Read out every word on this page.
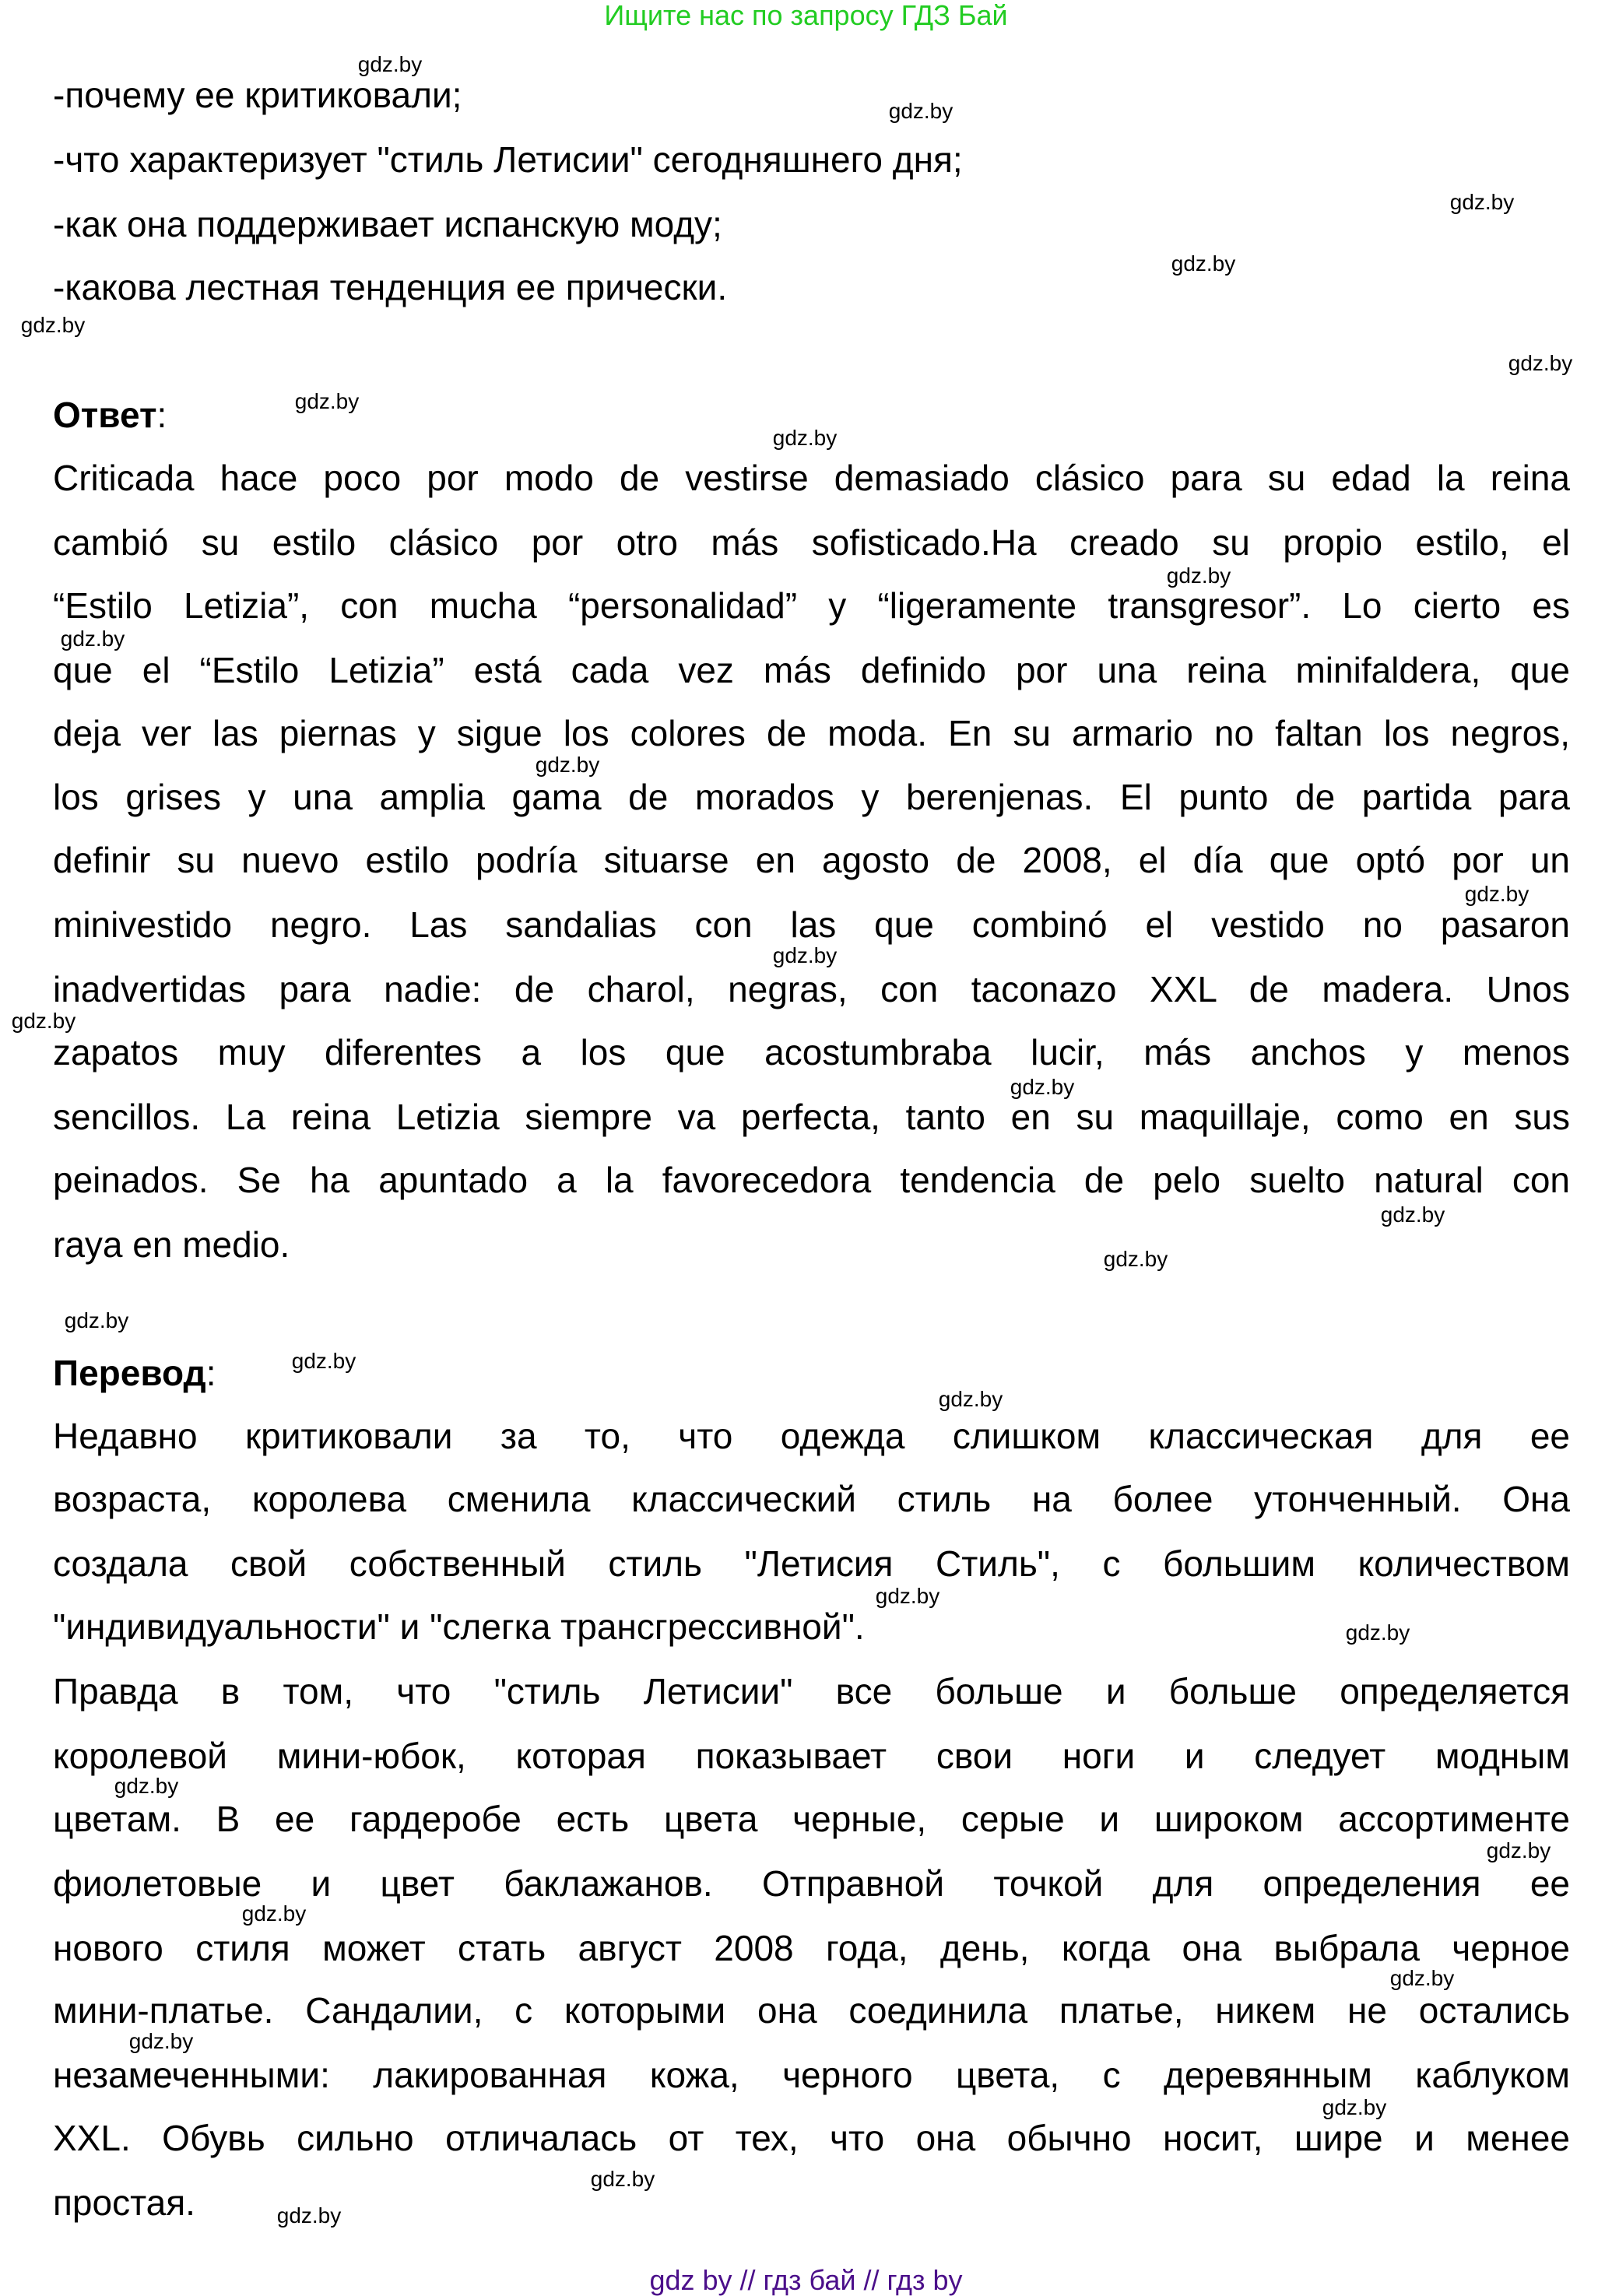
Ищите нас по запросу ГДЗ Бай
-почему ее критиковали;
-что характеризует "стиль Летисии" сегодняшнего дня;
-как она поддерживает испанскую моду;
-какова лестная тенденция ее прически.
Ответ:
Criticada hace poco por modo de vestirse demasiado clásico para su edad la reina
cambió su estilo clásico por otro más sofisticado.Ha creado su propio estilo, el
“Estilo Letizia”, con mucha “personalidad” y “ligeramente transgresor”. Lo cierto es
que el “Estilo Letizia” está cada vez más definido por una reina minifaldera, que
deja ver las piernas y sigue los colores de moda. En su armario no faltan los negros,
los grises y una amplia gama de morados y berenjenas. El punto de partida para
definir su nuevo estilo podría situarse en agosto de 2008, el día que optó por un
minivestido negro. Las sandalias con las que combinó el vestido no pasaron
inadvertidas para nadie: de charol, negras, con taconazo XXL de madera. Unos
zapatos muy diferentes a los que acostumbraba lucir, más anchos y menos
sencillos. La reina Letizia siempre va perfecta, tanto en su maquillaje, como en sus
peinados. Se ha apuntado a la favorecedora tendencia de pelo suelto natural con
raya en medio.
Перевод:
Недавно критиковали за то, что одежда слишком классическая для ее
возраста, королева сменила классический стиль на более утонченный. Она
создала свой собственный стиль "Летисия Стиль", с большим количеством
"индивидуальности" и "слегка трансгрессивной".
Правда в том, что "стиль Летисии" все больше и больше определяется
королевой мини-юбок, которая показывает свои ноги и следует модным
цветам. В ее гардеробе есть цвета черные, серые и широком ассортименте
фиолетовые и цвет баклажанов. Отправной точкой для определения ее
нового стиля может стать август 2008 года, день, когда она выбрала черное
мини-платье. Сандалии, с которыми она соединила платье, никем не остались
незамеченными: лакированная кожа, черного цвета, с деревянным каблуком
XXL. Обувь сильно отличалась от тех, что она обычно носит, шире и менее
простая.
gdz.by
gdz.by
gdz.by
gdz.by
gdz.by
gdz.by
gdz.by
gdz.by
gdz.by
gdz.by
gdz.by
gdz.by
gdz.by
gdz.by
gdz.by
gdz.by
gdz.by
gdz.by
gdz.by
gdz.by
gdz.by
gdz.by
gdz.by
gdz.by
gdz.by
gdz.by
gdz.by
gdz.by
gdz.by
gdz.by
gdz by // гдз бай // гдз by
